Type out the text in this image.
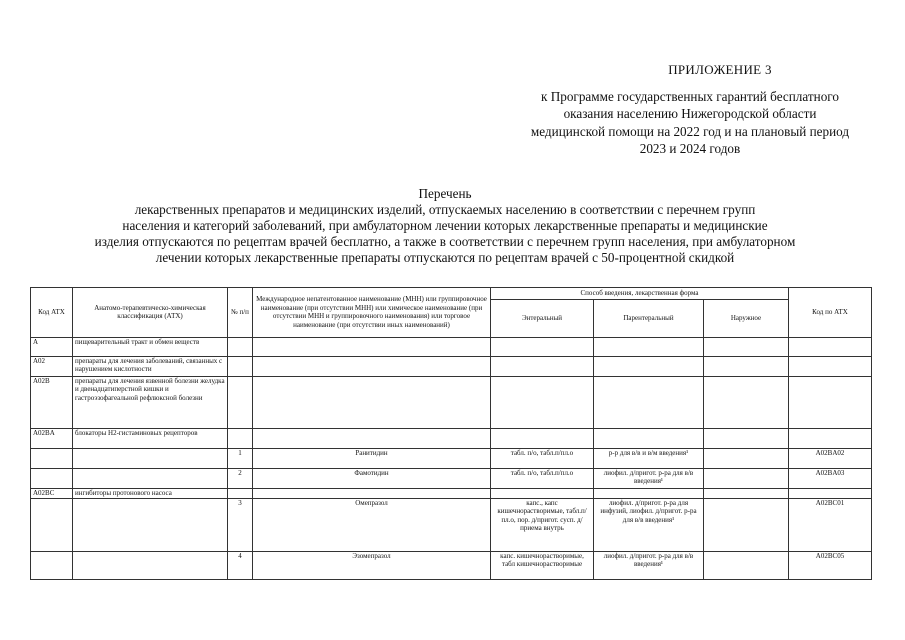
ПРИЛОЖЕНИЕ 3
к Программе государственных гарантий бесплатного оказания населению Нижегородской области медицинской помощи на 2022 год и на плановый период 2023 и 2024 годов
Перечень
лекарственных препаратов и медицинских изделий, отпускаемых населению в соответствии с перечнем групп
населения и категорий заболеваний, при амбулаторном лечении которых лекарственные препараты и медицинские
изделия отпускаются по рецептам врачей бесплатно, а также в соответствии с перечнем групп населения, при амбулаторном
лечении которых лекарственные препараты отпускаются по рецептам врачей с 50-процентной скидкой
Код АТХ	Анатомо-терапевтическо-химическая классификация (АТХ)	№ п/п	Международное непатентованное наименование (МНН) или группировочное наименование (при отсутствии МНН) или химическое наименование (при отсутствии МНН и группировочного наименования) или торговое наименование (при отсутствии иных наименований)	Способ введения, лекарственная форма			Код по АТХ
				Энтеральный	Парентеральный	Наружное	
A	пищеварительный тракт и обмен веществ						
A02	препараты для лечения заболеваний, связанных с нарушением кислотности						
A02B	препараты для лечения язвенной болезни желудка и двенадцатиперстной кишки и гастроэзофагеальной рефлюксной болезни						
A02BA	блокаторы H2-гистаминовых рецепторов						
		1	Ранитидин	табл. п/о, табл.п/пл.о	р-р для в/в и в/м введения¹		A02BA02
		2	Фамотидин	табл. п/о, табл.п/пл.о	лиофил. д/пригот. р-ра для в/в введения¹		A02BA03
A02BC	ингибиторы протонового насоса						
		3	Омепразол	капс., капс кишечнорастворимые, табл.п/пл.о, пор. д/пригот. сусп. д/приема внутрь	лиофил. д/пригот. р-ра для инфузий, лиофил. д/пригот. р-ра для в/в введения¹		A02BC01
		4	Эзомепразол	капс. кишечнорастворимые, табл кишечнорастворимые	лиофил. д/пригот. р-ра для в/в введения¹		A02BC05
